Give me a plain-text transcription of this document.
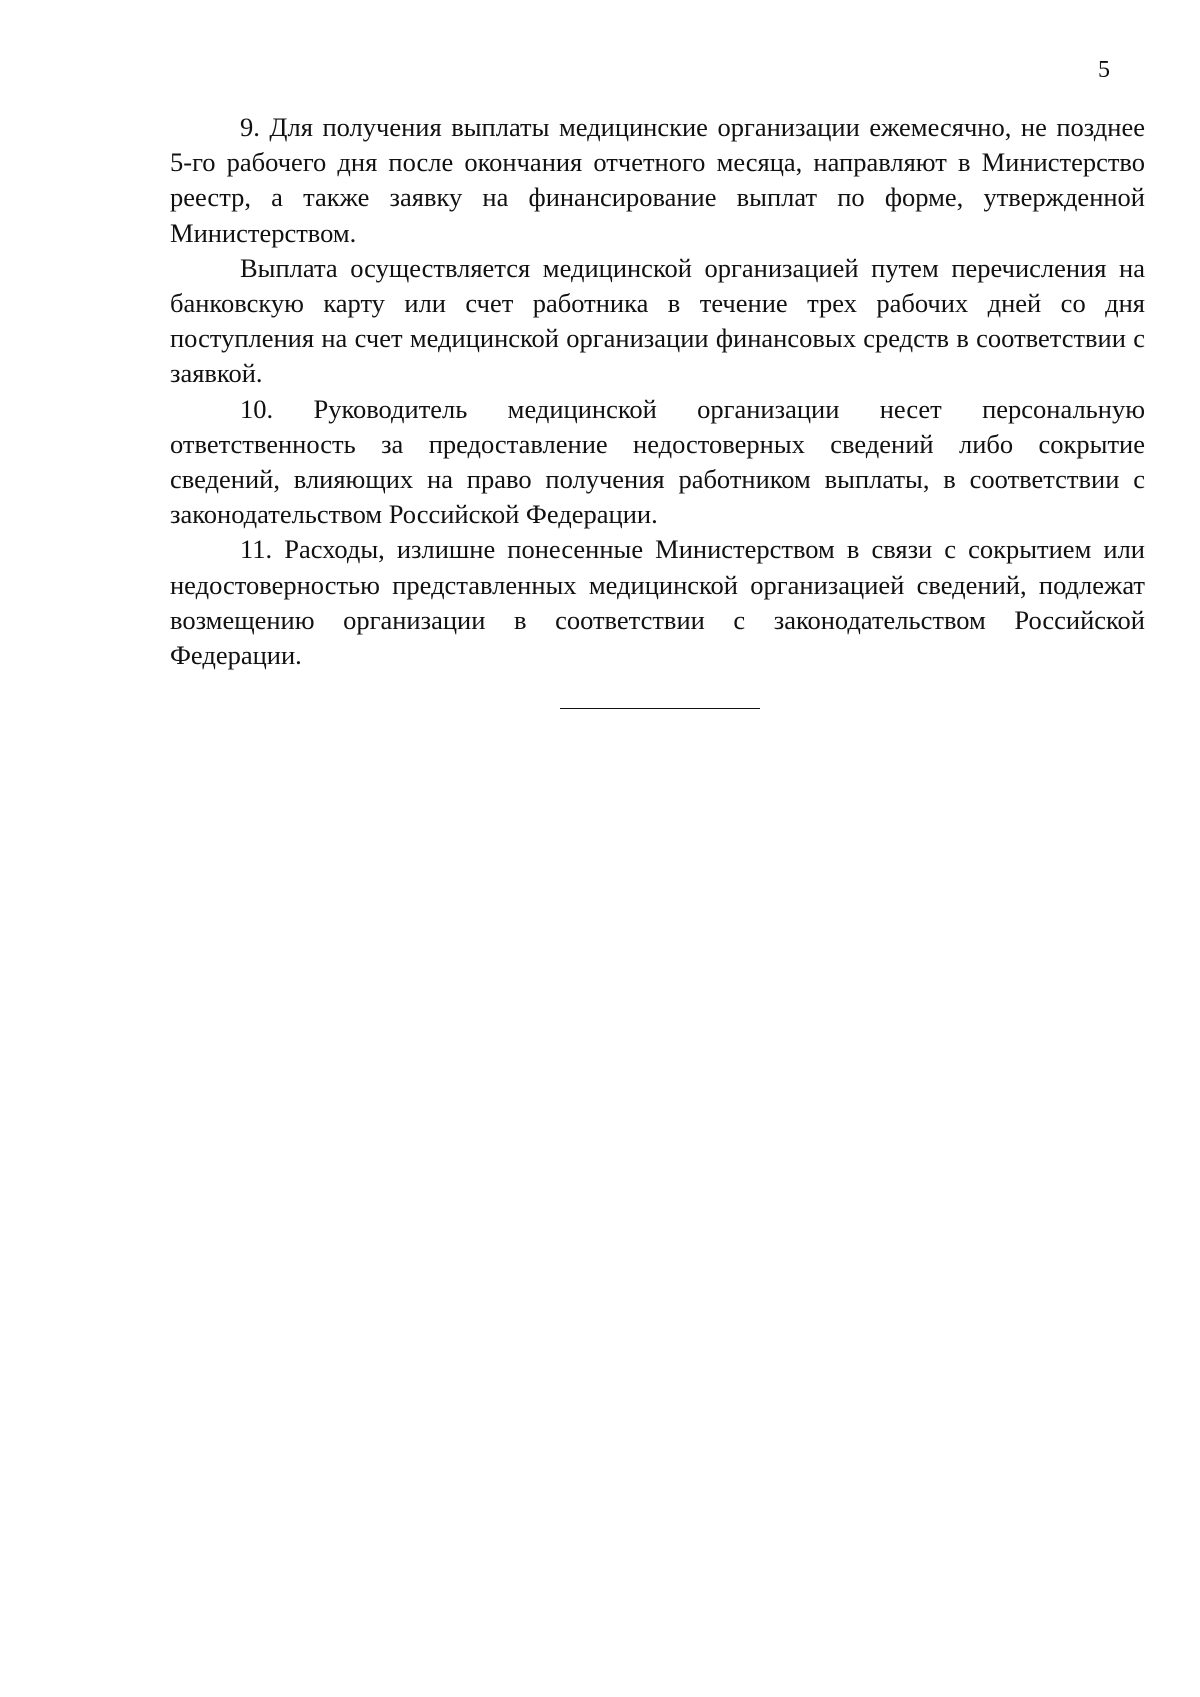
5

9. Для получения выплаты медицинские организации ежемесячно, не позднее 5-го рабочего дня после окончания отчетного месяца, направляют в Министерство реестр, а также заявку на финансирование выплат по форме, утвержденной Министерством.

Выплата осуществляется медицинской организацией путем перечисления на банковскую карту или счет работника в течение трех рабочих дней со дня поступления на счет медицинской организации финансовых средств в соответствии с заявкой.

10. Руководитель медицинской организации несет персональную ответственность за предоставление недостоверных сведений либо сокрытие сведений, влияющих на право получения работником выплаты, в соответствии с законодательством Российской Федерации.

11. Расходы, излишне понесенные Министерством в связи с сокрытием или недостоверностью представленных медицинской организацией сведений, подлежат возмещению организации в соответствии с законодательством Российской Федерации.
